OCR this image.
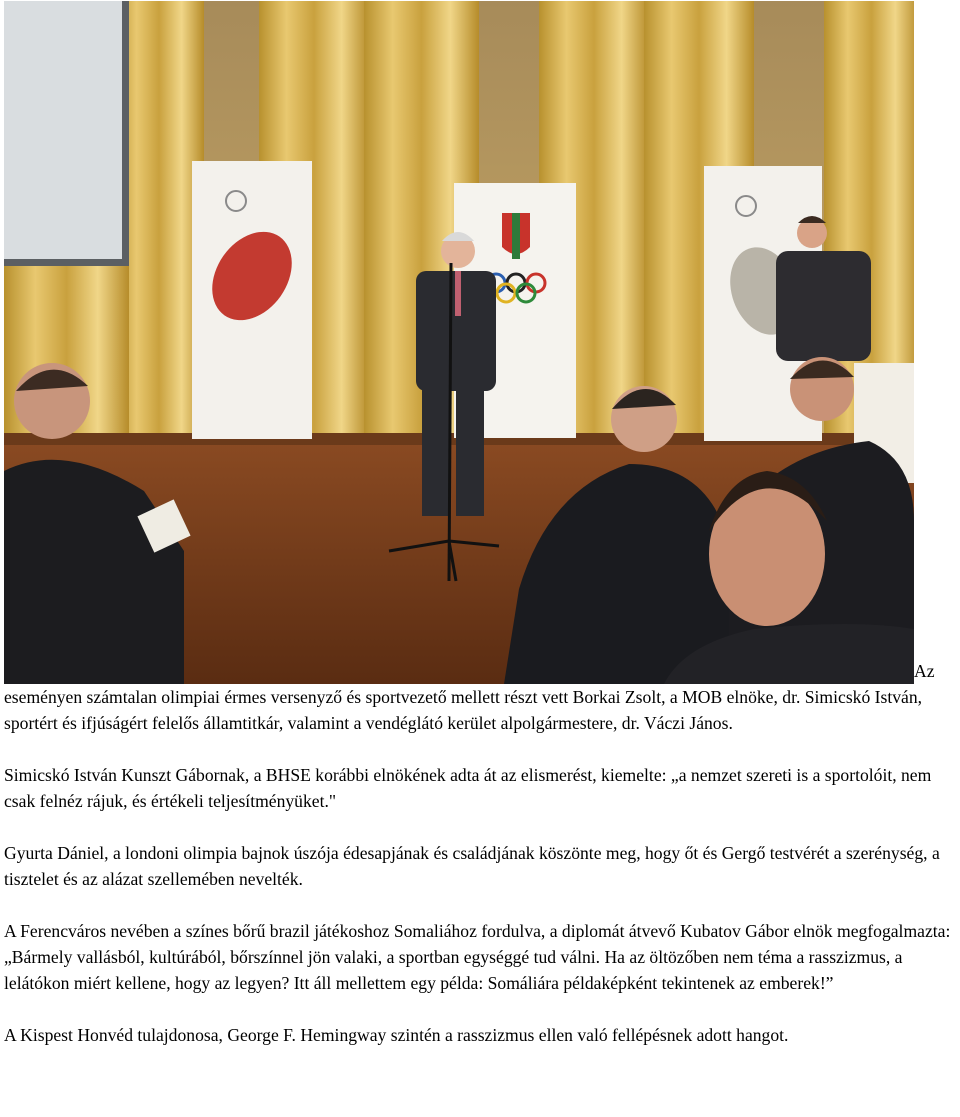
Az eseményen számtalan olimpiai érmes versenyző és sportvezető mellett részt vett Borkai Zsolt, a MOB elnöke, dr. Simicskó István, sportért és ifjúságért felelős államtitkár, valamint a vendéglátó kerület alpolgármestere, dr. Váczi János.

Simicskó István Kunszt Gábornak, a BHSE korábbi elnökének adta át az elismerést, kiemelte: „a nemzet szereti is a sportolóit, nem csak felnéz rájuk, és értékeli teljesítményüket."

Gyurta Dániel, a londoni olimpia bajnok úszója édesapjának és családjának köszönte meg, hogy őt és Gergő testvérét a szerénység, a tisztelet és az alázat szellemében nevelték.

A Ferencváros nevében a színes bőrű brazil játékoshoz Somaliához fordulva, a diplomát átvevő Kubatov Gábor elnök megfogalmazta: „Bármely vallásból, kultúrából, bőrszínnel jön valaki, a sportban egységgé tud válni. Ha az öltözőben nem téma a rasszizmus, a lelátókon miért kellene, hogy az legyen? Itt áll mellettem egy példa: Somáliára példaképként tekintenek az emberek!”

A Kispest Honvéd tulajdonosa, George F. Hemingway szintén a rasszizmus ellen való fellépésnek adott hangot.
